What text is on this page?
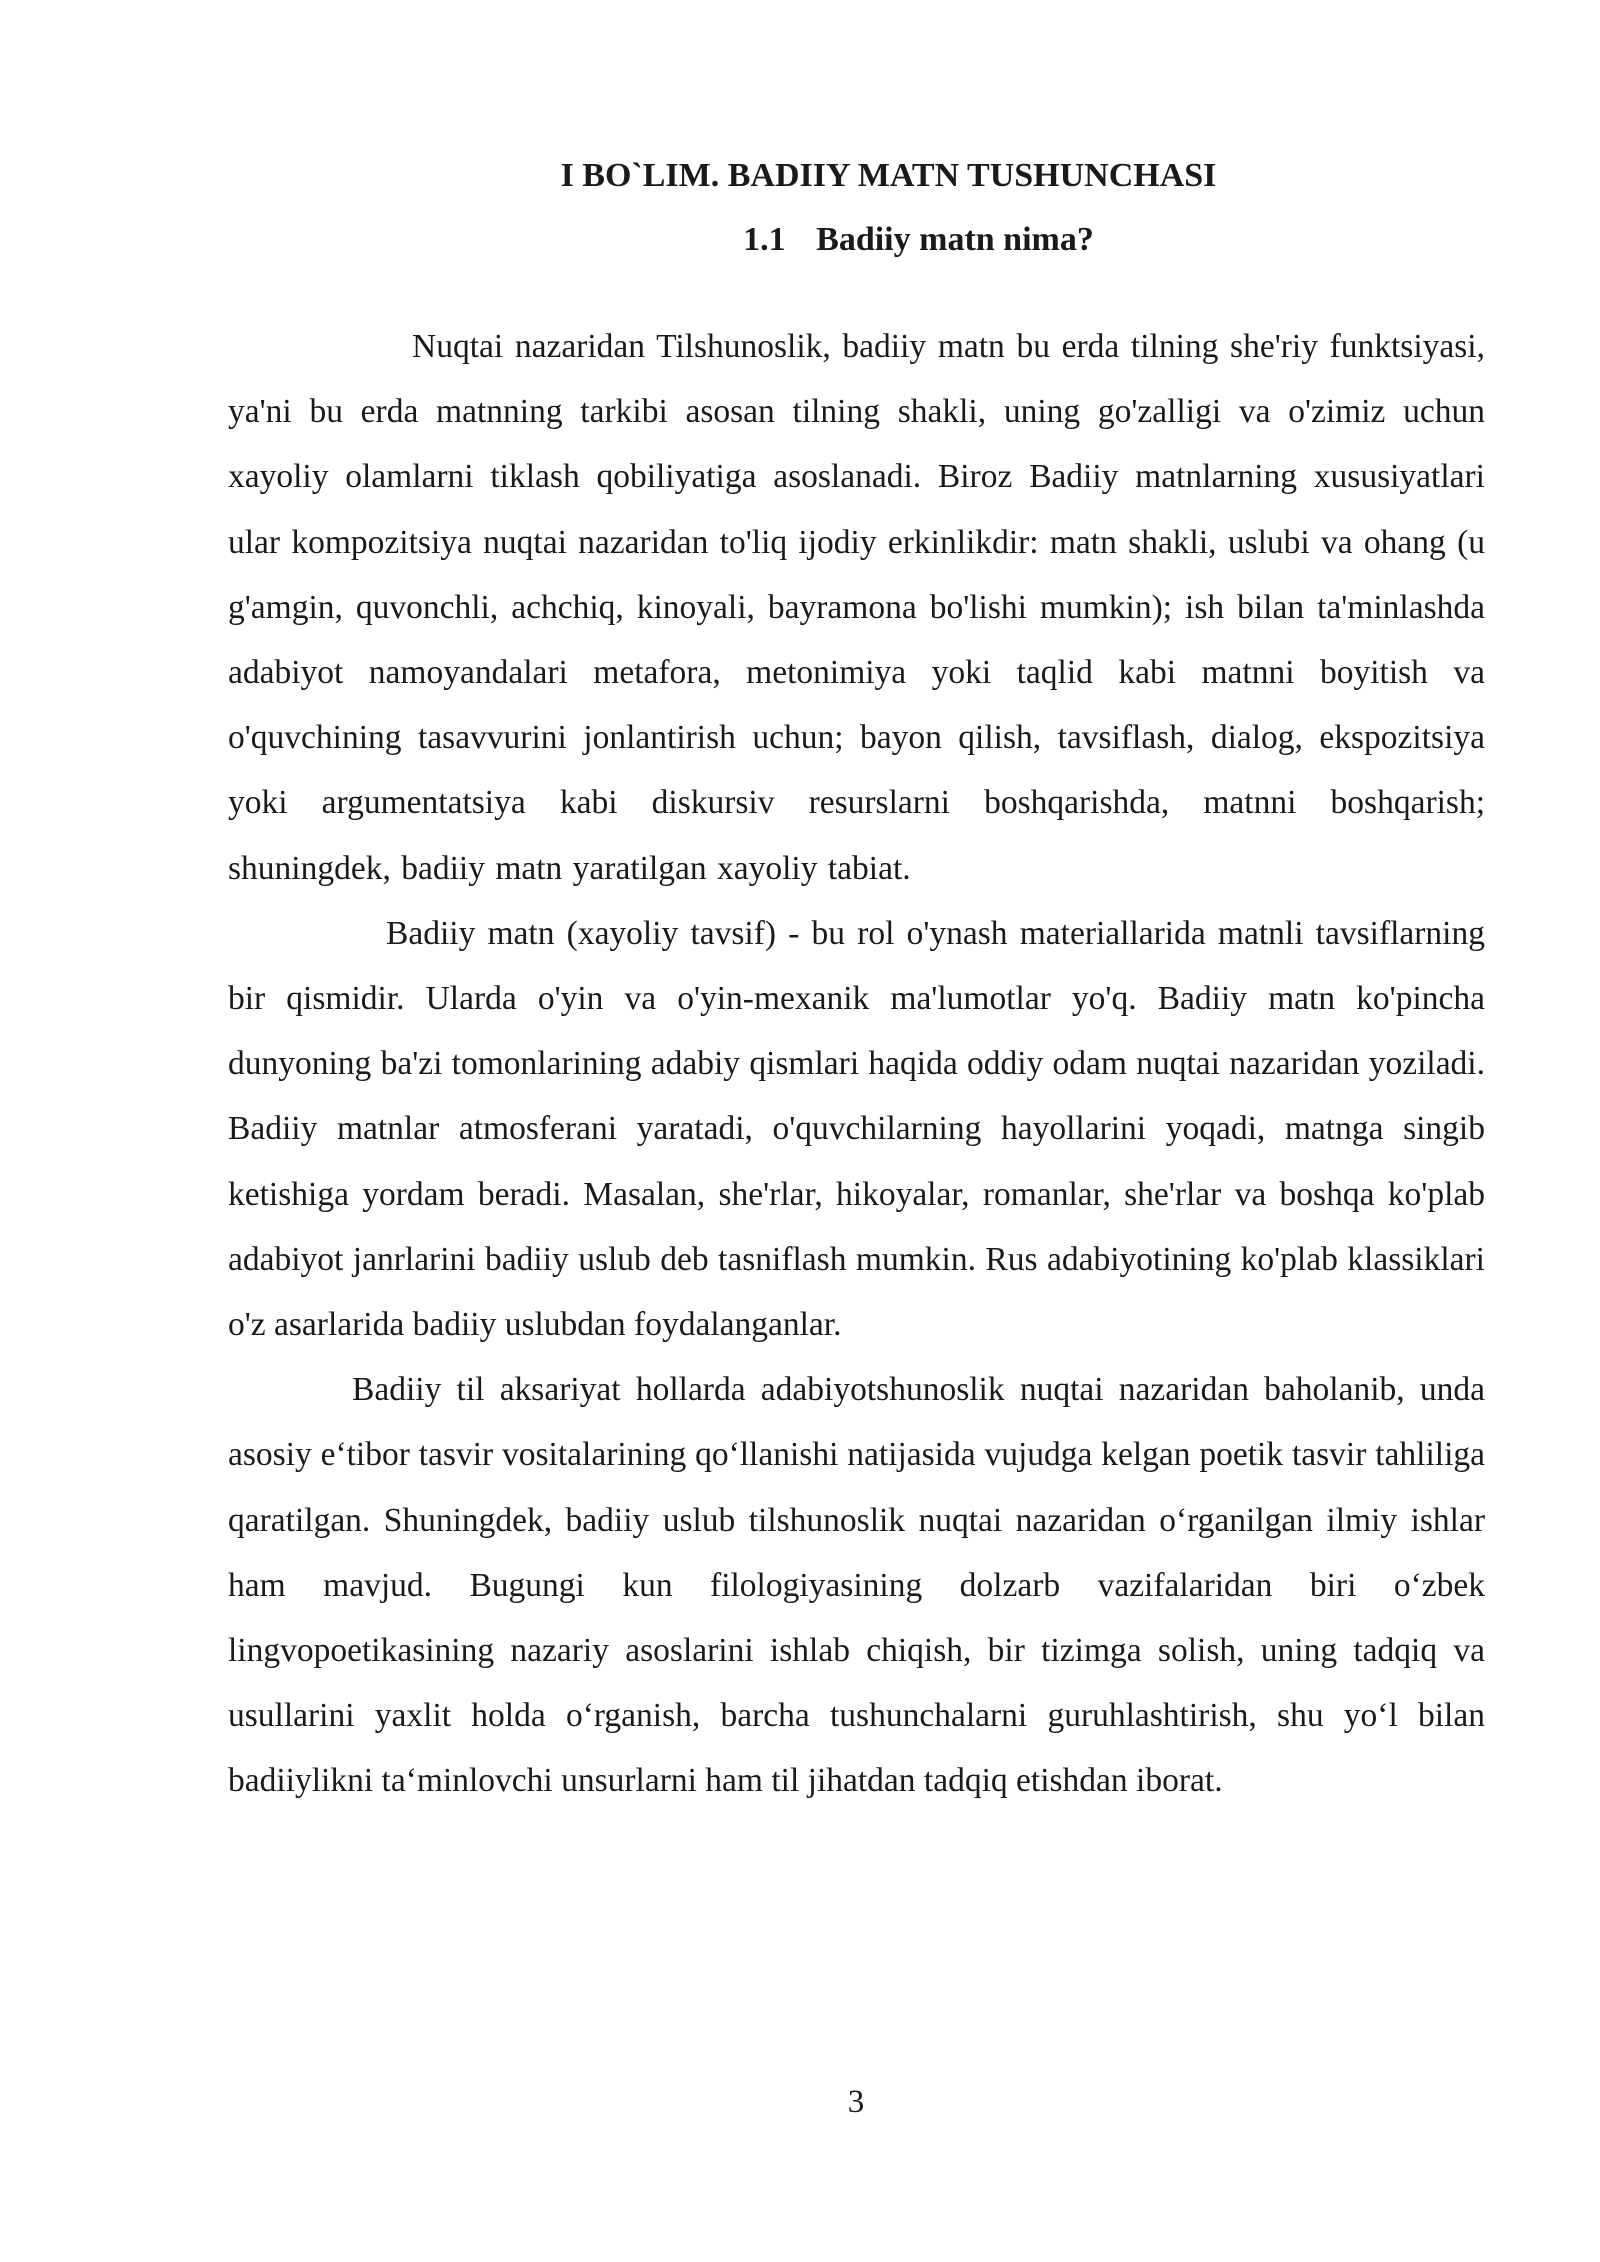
I BO`LIM. BADIIY MATN TUSHUNCHASI
1.1 Badiiy matn nima?

Nuqtai nazaridan Tilshunoslik, badiiy matn bu erda tilning she'riy funktsiyasi, ya'ni bu erda matnning tarkibi asosan tilning shakli, uning go'zalligi va o'zimiz uchun xayoliy olamlarni tiklash qobiliyatiga asoslanadi. Biroz Badiiy matnlarning xususiyatlari ular kompozitsiya nuqtai nazaridan to'liq ijodiy erkinlikdir: matn shakli, uslubi va ohang (u g'amgin, quvonchli, achchiq, kinoyali, bayramona bo'lishi mumkin); ish bilan ta'minlashda adabiyot namoyandalari metafora, metonimiya yoki taqlid kabi matnni boyitish va o'quvchining tasavvurini jonlantirish uchun; bayon qilish, tavsiflash, dialog, ekspozitsiya yoki argumentatsiya kabi diskursiv resurslarni boshqarishda, matnni boshqarish; shuningdek, badiiy matn yaratilgan xayoliy tabiat.

Badiiy matn (xayoliy tavsif) - bu rol o'ynash materiallarida matnli tavsiflarning bir qismidir. Ularda o'yin va o'yin-mexanik ma'lumotlar yo'q. Badiiy matn ko'pincha dunyoning ba'zi tomonlarining adabiy qismlari haqida oddiy odam nuqtai nazaridan yoziladi. Badiiy matnlar atmosferani yaratadi, o'quvchilarning hayollarini yoqadi, matnga singib ketishiga yordam beradi. Masalan, she'rlar, hikoyalar, romanlar, she'rlar va boshqa ko'plab adabiyot janrlarini badiiy uslub deb tasniflash mumkin. Rus adabiyotining ko'plab klassiklari o'z asarlarida badiiy uslubdan foydalanganlar.

Badiiy til aksariyat hollarda adabiyotshunoslik nuqtai nazaridan baholanib, unda asosiy e‘tibor tasvir vositalarining qo‘llanishi natijasida vujudga kelgan poetik tasvir tahliliga qaratilgan. Shuningdek, badiiy uslub tilshunoslik nuqtai nazaridan o‘rganilgan ilmiy ishlar ham mavjud. Bugungi kun filologiyasining dolzarb vazifalaridan biri o‘zbek lingvopoetikasining nazariy asoslarini ishlab chiqish, bir tizimga solish, uning tadqiq va usullarini yaxlit holda o‘rganish, barcha tushunchalarni guruhlashtirish, shu yo‘l bilan badiiylikni ta‘minlovchi unsurlarni ham til jihatdan tadqiq etishdan iborat.

3
